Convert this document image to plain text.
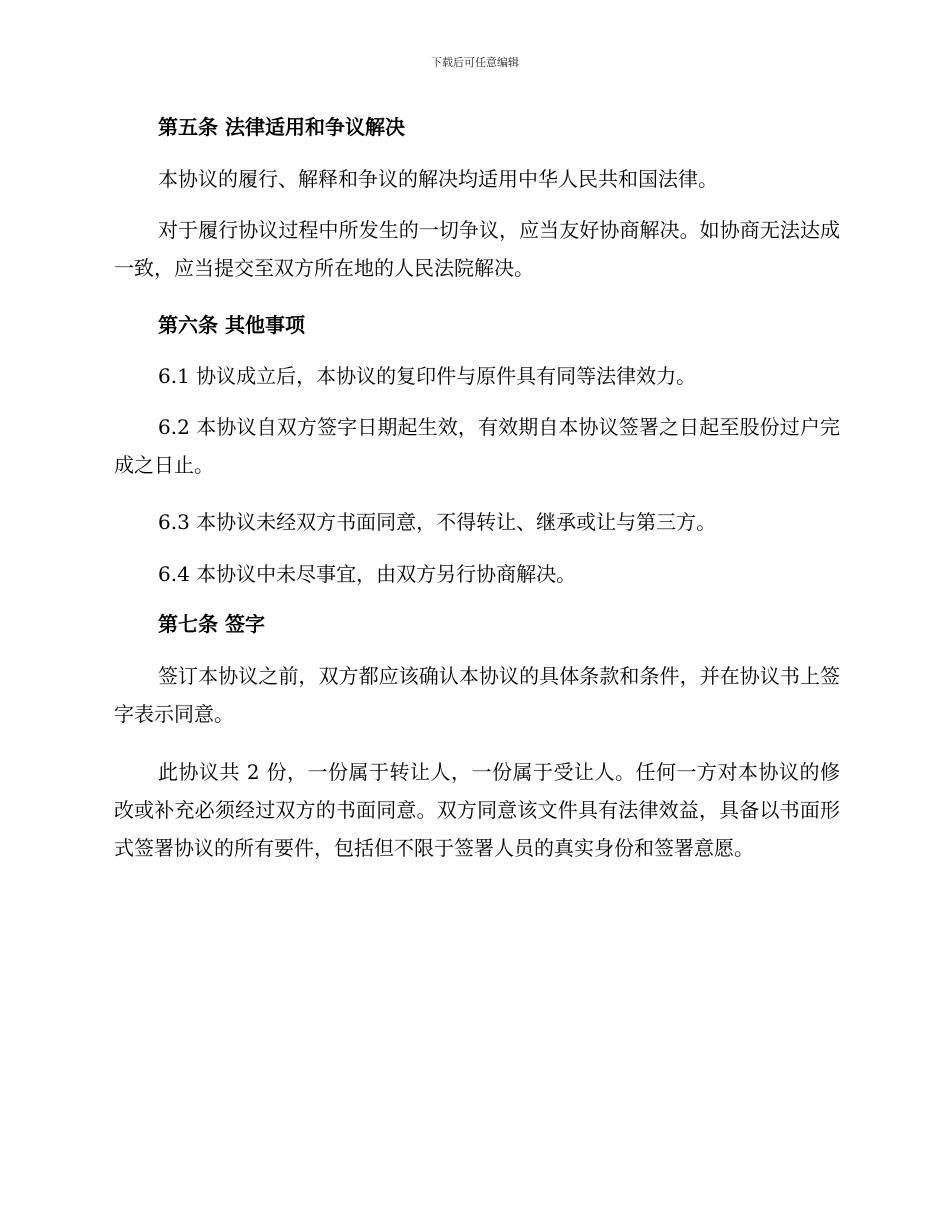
下载后可任意编辑

第五条 法律适用和争议解决

本协议的履行、解释和争议的解决均适用中华人民共和国法律。

对于履行协议过程中所发生的一切争议，应当友好协商解决。如协商无法达成一致，应当提交至双方所在地的人民法院解决。

第六条 其他事项

6.1 协议成立后，本协议的复印件与原件具有同等法律效力。

6.2 本协议自双方签字日期起生效，有效期自本协议签署之日起至股份过户完成之日止。

6.3 本协议未经双方书面同意，不得转让、继承或让与第三方。

6.4 本协议中未尽事宜，由双方另行协商解决。

第七条 签字

签订本协议之前，双方都应该确认本协议的具体条款和条件，并在协议书上签字表示同意。

此协议共 2 份，一份属于转让人，一份属于受让人。任何一方对本协议的修改或补充必须经过双方的书面同意。双方同意该文件具有法律效益，具备以书面形式签署协议的所有要件，包括但不限于签署人员的真实身份和签署意愿。
